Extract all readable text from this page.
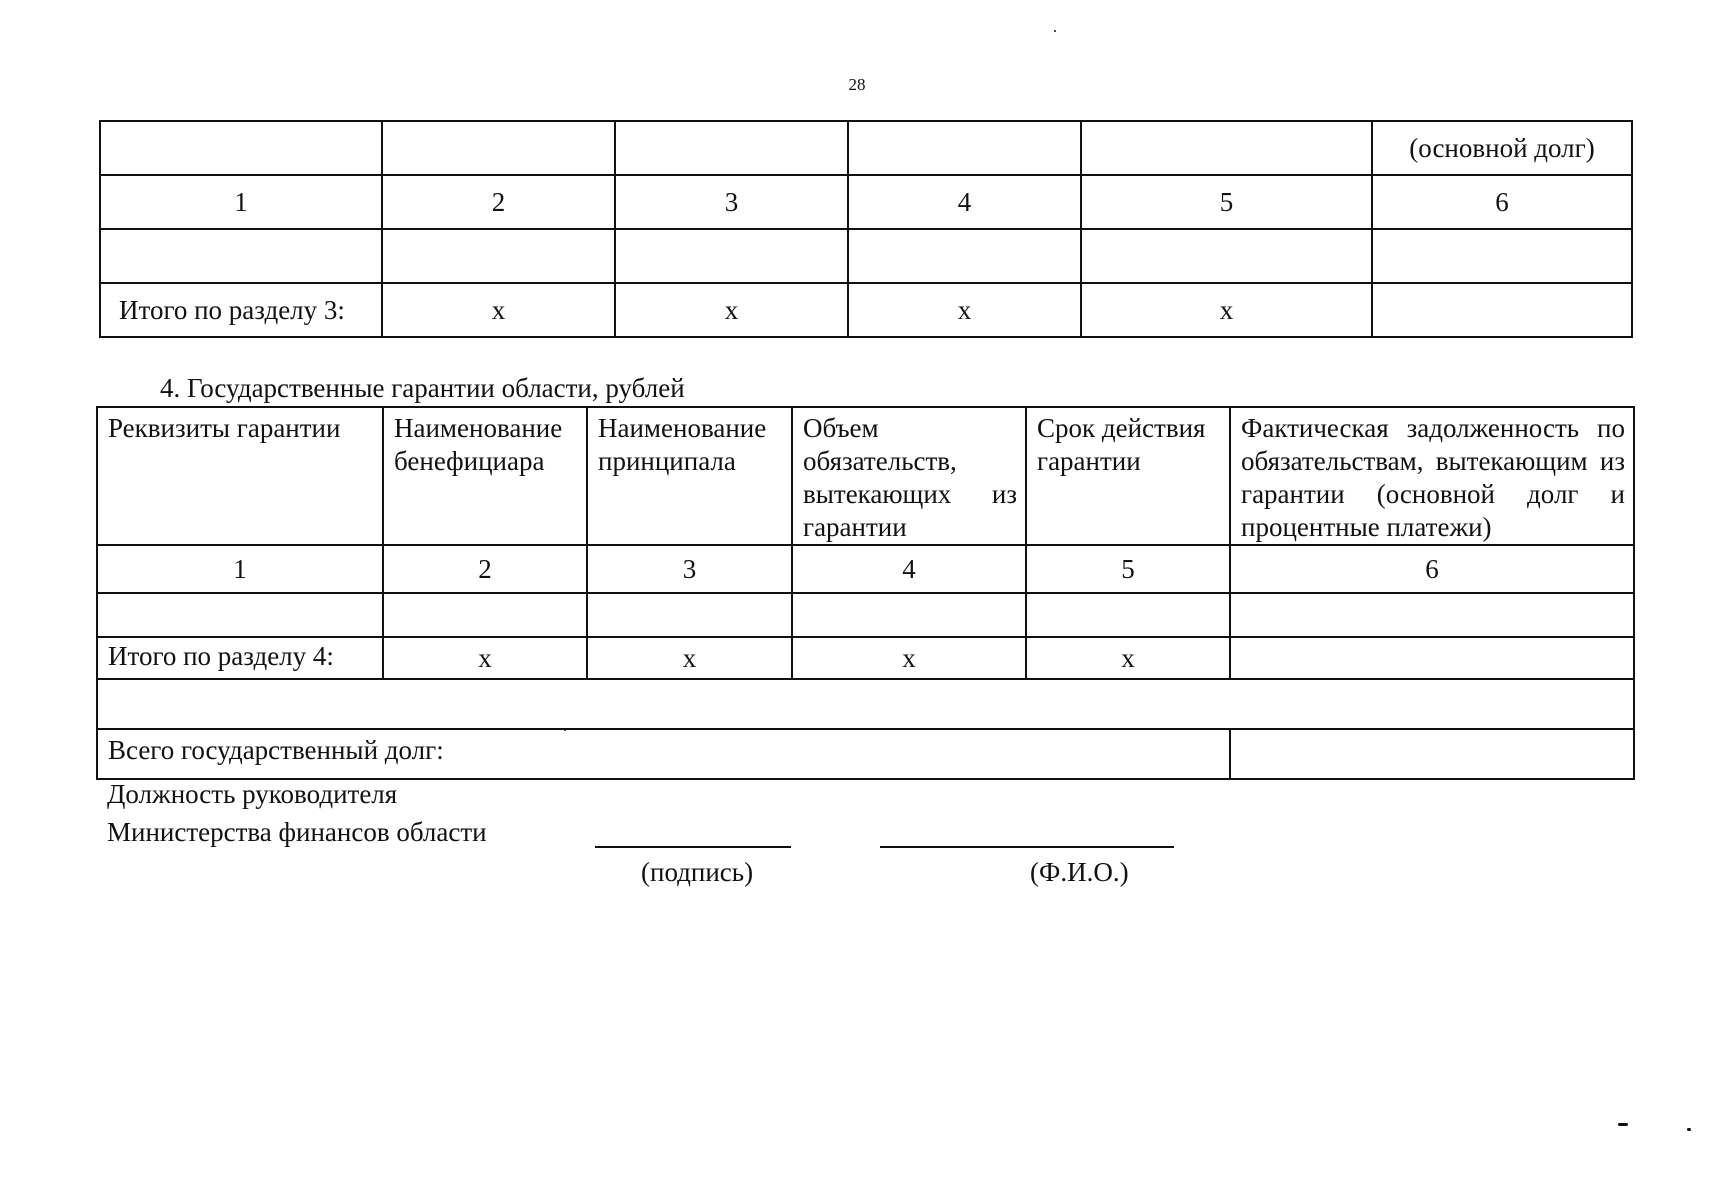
28
					(основной долг)
1	2	3	4	5	6

Итого по разделу 3:	x	x	x	x	
4. Государственные гарантии области, рублей
Реквизиты гарантии	Наименование бенефициара	Наименование принципала	Объем обязательств, вытекающих из гарантии	Срок действия гарантии	Фактическая задолженность по обязательствам, вытекающим из гарантии (основной долг и процентные платежи)
1	2	3	4	5	6

Итого по разделу 4:	x	x	x	x	

Всего государственный долг:					
Должность руководителя
Министерства финансов области
(подпись)	(Ф.И.О.)
